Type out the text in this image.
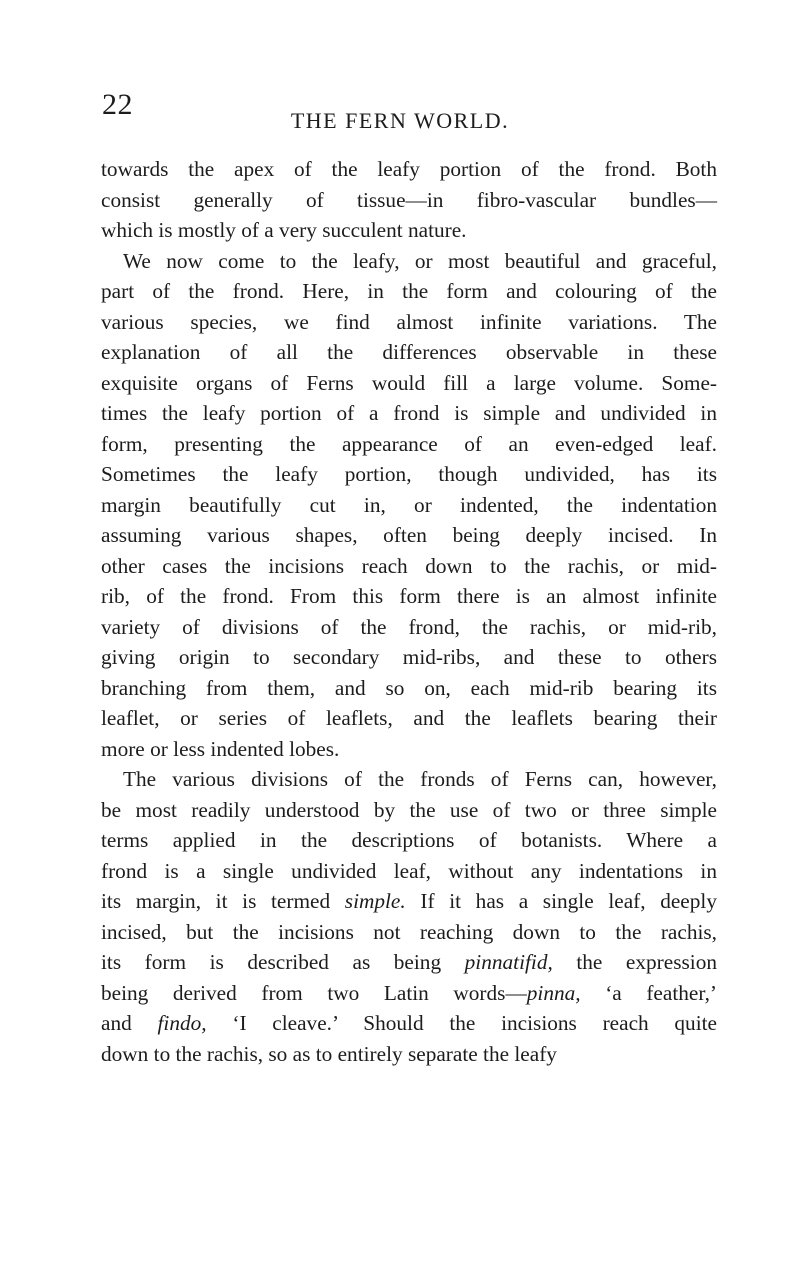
22	THE FERN WORLD.
towards the apex of the leafy portion of the frond. Both
consist generally of tissue—in fibro-vascular bundles—
which is mostly of a very succulent nature.
We now come to the leafy, or most beautiful and graceful,
part of the frond. Here, in the form and colouring of the
various species, we find almost infinite variations. The
explanation of all the differences observable in these
exquisite organs of Ferns would fill a large volume. Some-
times the leafy portion of a frond is simple and undivided in
form, presenting the appearance of an even-edged leaf.
Sometimes the leafy portion, though undivided, has its
margin beautifully cut in, or indented, the indentation
assuming various shapes, often being deeply incised. In
other cases the incisions reach down to the rachis, or mid-
rib, of the frond. From this form there is an almost infinite
variety of divisions of the frond, the rachis, or mid-rib,
giving origin to secondary mid-ribs, and these to others
branching from them, and so on, each mid-rib bearing its
leaflet, or series of leaflets, and the leaflets bearing their
more or less indented lobes.
The various divisions of the fronds of Ferns can, however,
be most readily understood by the use of two or three simple
terms applied in the descriptions of botanists. Where a
frond is a single undivided leaf, without any indentations in
its margin, it is termed simple. If it has a single leaf, deeply
incised, but the incisions not reaching down to the rachis,
its form is described as being pinnatifid, the expression
being derived from two Latin words—pinna, ‘a feather,’
and findo, ‘I cleave.’ Should the incisions reach quite
down to the rachis, so as to entirely separate the leafy
